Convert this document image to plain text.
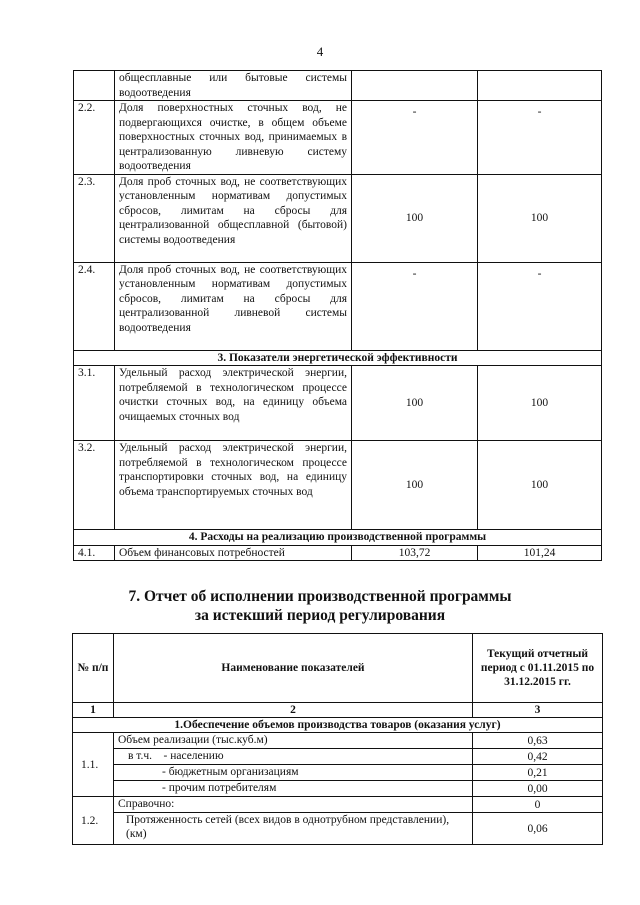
4
	общесплавные или бытовые системы водоотведения		
2.2.	Доля поверхностных сточных вод, не подвергающихся очистке, в общем объеме поверхностных сточных вод, принимаемых в централизованную ливневую систему водоотведения	-	-
2.3.	Доля проб сточных вод, не соответствующих установленным нормативам допустимых сбросов, лимитам на сбросы для централизованной общесплавной (бытовой) системы водоотведения	100	100
2.4.	Доля проб сточных вод, не соответствующих установленным нормативам допустимых сбросов, лимитам на сбросы для централизованной ливневой системы водоотведения	-	-
3. Показатели энергетической эффективности			
3.1.	Удельный расход электрической энергии, потребляемой в технологическом процессе очистки сточных вод, на единицу объема очищаемых сточных вод	100	100
3.2.	Удельный расход электрической энергии, потребляемой в технологическом процессе транспортировки сточных вод, на единицу объема транспортируемых сточных вод	100	100
4. Расходы на реализацию производственной программы			
4.1.	Объем финансовых потребностей	103,72	101,24
7. Отчет об исполнении производственной программы
за истекший период регулирования
№ п/п	Наименование показателей	Текущий отчетный период с 01.11.2015 по 31.12.2015 гг.
1	2	3
1.Обеспечение объемов производства товаров (оказания услуг)		
1.1.	Объем реализации (тыс.куб.м)	0,63
	в т.ч. - населению	0,42
	- бюджетным организациям	0,21
	- прочим потребителям	0,00
1.2.	Справочно:	0
	Протяженность сетей (всех видов в однотрубном представлении), (км)	0,06
